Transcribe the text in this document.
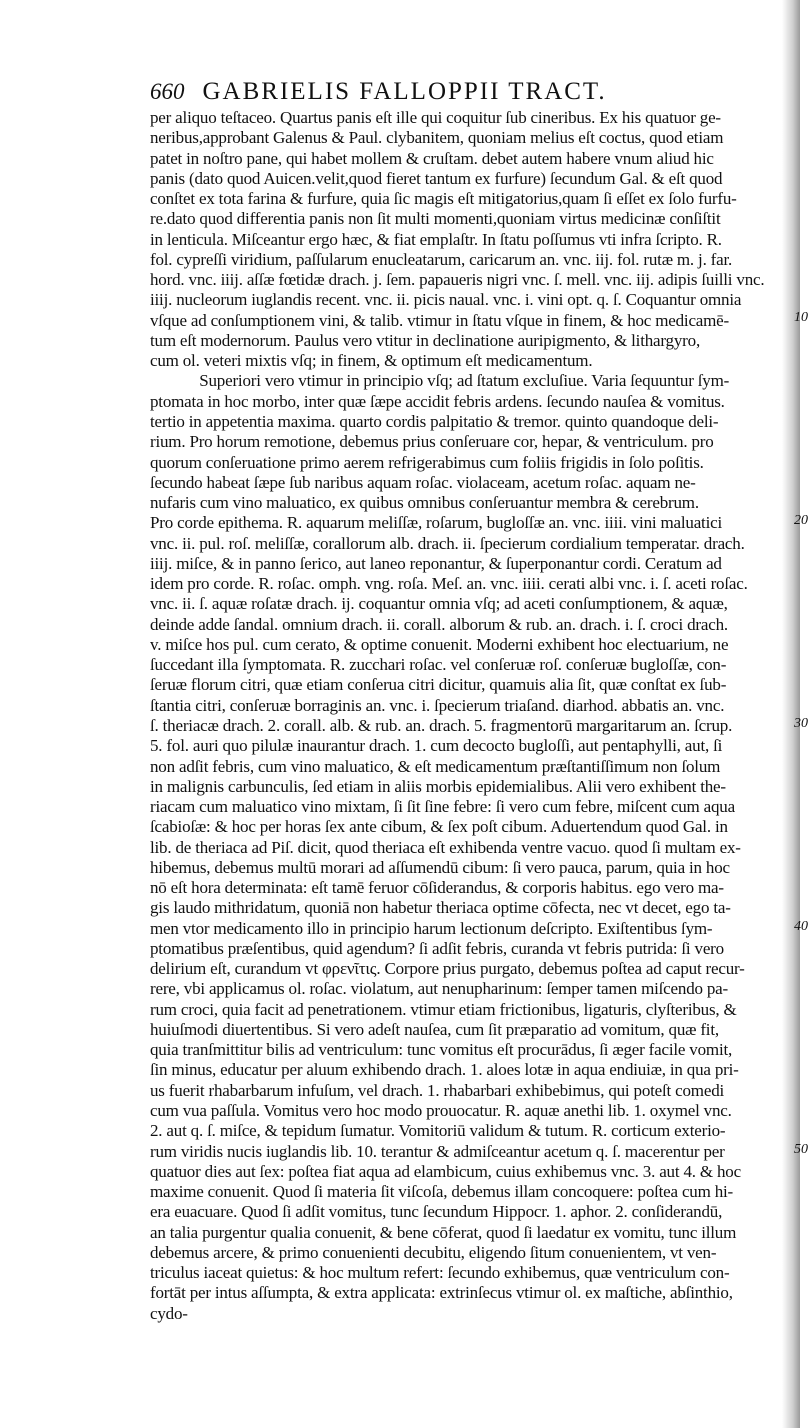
660 GABRIELIS FALLOPPII TRACT.
per aliquo teſtaceo. Quartus panis eſt ille qui coquitur ſub cineribus. Ex his quatuor ge-
neribus,approbant Galenus & Paul. clybanitem, quoniam melius eſt coctus, quod etiam
patet in noſtro pane, qui habet mollem & cruſtam. debet autem habere vnum aliud hic
panis (dato quod Auicen.velit,quod fieret tantum ex furfure) ſecundum Gal. & eſt quod
conſtet ex tota farina & furfure, quia ſic magis eſt mitigatorius,quam ſi eſſet ex ſolo furfu-
re.dato quod differentia panis non ſit multi momenti,quoniam virtus medicinæ conſiſtit
in lenticula. Miſceantur ergo hæc, & fiat emplaſtr. In ſtatu poſſumus vti infra ſcripto. R.
fol. cypreſſi viridium, paſſularum enucleatarum, caricarum an. vnc. iij. fol. rutæ m. j. far.
hord. vnc. iiij. aſſæ fœtidæ drach. j. ſem. papaueris nigri vnc. ſ. mell. vnc. iij. adipis ſuilli vnc.
iiij. nucleorum iuglandis recent. vnc. ii. picis naual. vnc. i. vini opt. q. ſ. Coquantur omnia
vſque ad conſumptionem vini, & talib. vtimur in ſtatu vſque in finem, & hoc medicamē-
tum eſt modernorum. Paulus vero vtitur in declinatione auripigmento, & lithargyro,
cum ol. veteri mixtis vſq; in finem, & optimum eſt medicamentum.
Superiori vero vtimur in principio vſq; ad ſtatum excluſiue. Varia ſequuntur ſym-
ptomata in hoc morbo, inter quæ ſæpe accidit febris ardens. ſecundo nauſea & vomitus.
tertio in appetentia maxima. quarto cordis palpitatio & tremor. quinto quandoque deli-
rium. Pro horum remotione, debemus prius conſeruare cor, hepar, & ventriculum. pro
quorum conſeruatione primo aerem refrigerabimus cum foliis frigidis in ſolo poſitis.
ſecundo habeat ſæpe ſub naribus aquam roſac. violaceam, acetum roſac. aquam ne-
nufaris cum vino maluatico, ex quibus omnibus conſeruantur membra & cerebrum.
Pro corde epithema. R. aquarum meliſſæ, roſarum, bugloſſæ an. vnc. iiii. vini maluatici
vnc. ii. pul. roſ. meliſſæ, corallorum alb. drach. ii. ſpecierum cordialium temperatar. drach.
iiij. miſce, & in panno ſerico, aut laneo reponantur, & ſuperponantur cordi. Ceratum ad
idem pro corde. R. roſac. omph. vng. roſa. Meſ. an. vnc. iiii. cerati albi vnc. i. ſ. aceti roſac.
vnc. ii. ſ. aquæ roſatæ drach. ij. coquantur omnia vſq; ad aceti conſumptionem, & aquæ,
deinde adde ſandal. omnium drach. ii. corall. alborum & rub. an. drach. i. ſ. croci drach.
v. miſce hos pul. cum cerato, & optime conuenit. Moderni exhibent hoc electuarium, ne
ſuccedant illa ſymptomata. R. zucchari roſac. vel conſeruæ roſ. conſeruæ bugloſſæ, con-
ſeruæ florum citri, quæ etiam conſerua citri dicitur, quamuis alia ſit, quæ conſtat ex ſub-
ſtantia citri, conſeruæ borraginis an. vnc. i. ſpecierum triaſand. diarhod. abbatis an. vnc.
ſ. theriacæ drach. 2. corall. alb. & rub. an. drach. 5. fragmentorū margaritarum an. ſcrup.
5. fol. auri quo pilulæ inaurantur drach. 1. cum decocto bugloſſi, aut pentaphylli, aut, ſi
non adſit febris, cum vino maluatico, & eſt medicamentum præſtantiſſimum non ſolum
in malignis carbunculis, ſed etiam in aliis morbis epidemialibus. Alii vero exhibent the-
riacam cum maluatico vino mixtam, ſi ſit ſine febre: ſi vero cum febre, miſcent cum aqua
ſcabioſæ: & hoc per horas ſex ante cibum, & ſex poſt cibum. Aduertendum quod Gal. in
lib. de theriaca ad Piſ. dicit, quod theriaca eſt exhibenda ventre vacuo. quod ſi multam ex-
hibemus, debemus multū morari ad aſſumendū cibum: ſi vero pauca, parum, quia in hoc
nō eſt hora determinata: eſt tamē feruor cōſiderandus, & corporis habitus. ego vero ma-
gis laudo mithridatum, quoniā non habetur theriaca optime cōfecta, nec vt decet, ego ta-
men vtor medicamento illo in principio harum lectionum deſcripto. Exiſtentibus ſym-
ptomatibus præſentibus, quid agendum? ſi adſit febris, curanda vt febris putrida: ſi vero
delirium eſt, curandum vt φρενῖτις. Corpore prius purgato, debemus poſtea ad caput recur-
rere, vbi applicamus ol. roſac. violatum, aut nenupharinum: ſemper tamen miſcendo pa-
rum croci, quia facit ad penetrationem. vtimur etiam frictionibus, ligaturis, clyſteribus, &
huiuſmodi diuertentibus. Si vero adeſt nauſea, cum ſit præparatio ad vomitum, quæ fit,
quia tranſmittitur bilis ad ventriculum: tunc vomitus eſt procurādus, ſi æger facile vomit,
ſin minus, educatur per aluum exhibendo drach. 1. aloes lotæ in aqua endiuiæ, in qua pri-
us fuerit rhabarbarum infuſum, vel drach. 1. rhabarbari exhibebimus, qui poteſt comedi
cum vua paſſula. Vomitus vero hoc modo prouocatur. R. aquæ anethi lib. 1. oxymel vnc.
2. aut q. ſ. miſce, & tepidum ſumatur. Vomitoriū validum & tutum. R. corticum exterio-
rum viridis nucis iuglandis lib. 10. terantur & admiſceantur acetum q. ſ. macerentur per
quatuor dies aut ſex: poſtea fiat aqua ad elambicum, cuius exhibemus vnc. 3. aut 4. & hoc
maxime conuenit. Quod ſi materia ſit viſcoſa, debemus illam concoquere: poſtea cum hi-
era euacuare. Quod ſi adſit vomitus, tunc ſecundum Hippocr. 1. aphor. 2. conſiderandū,
an talia purgentur qualia conuenit, & bene cōferat, quod ſi laedatur ex vomitu, tunc illum
debemus arcere, & primo conuenienti decubitu, eligendo ſitum conuenientem, vt ven-
triculus iaceat quietus: & hoc multum refert: ſecundo exhibemus, quæ ventriculum con-
fortāt per intus aſſumpta, & extra applicata: extrinſecus vtimur ol. ex maſtiche, abſinthio,
cydo-
10
20
30
40
50
